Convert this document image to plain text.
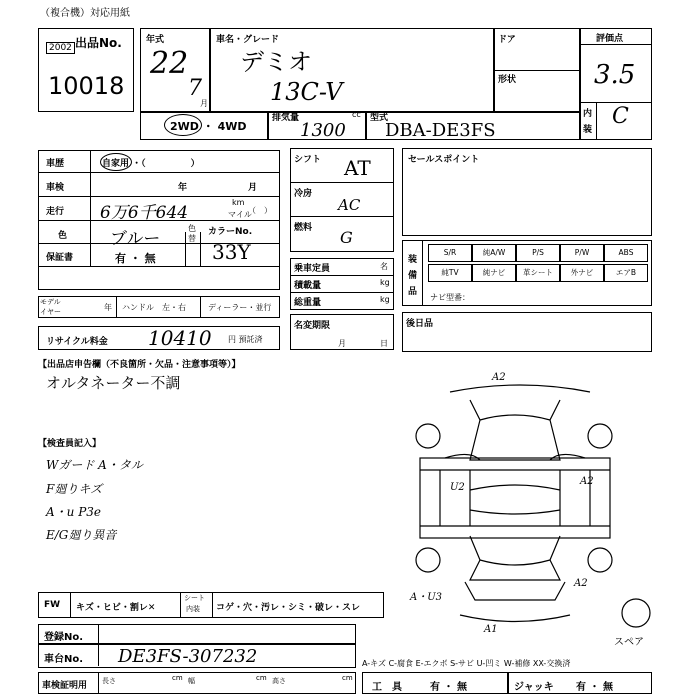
（複合機）対応用紙
出品No.
2002
10018
年式
22
7
月
車名・グレード
デミオ
13C-V
ドア
形状
評価点
3.5
内
装
C
2WD ・ 4WD
排気量	cc
1300
型式
DBA-DE3FS
車歴	自家用 ・（　　　　　）
車検	年	月
走行 6万6千644
km
マイル
（　）
色	ブルー
色
替
カラーNo.
33Y
保証書	有 ・ 無
モデル
イヤー	年 ハンドル　左・右	ディーラー・並行
リサイクル料金 10410 円 預託済
シフト AT
冷房
AC
燃料 G
乗車定員	名
積載量	kg
総重量	kg
名変期限
月	日
セールスポイント
装
備
品
S/R	純A/W	P/S	P/W	ABS
純TV	純ナビ	革シート	外ナビ	エアB
ナビ型番：
後日品
【出品店申告欄（不良箇所・欠品・注意事項等）】
オルタネーター不調
【検査員記入】
Wガード A・タル
F廻りキズ
A・u P3e
E/G廻り異音
A2
U2
A2
A2
A・U3
A1
スペア
FW キズ・ヒビ・割レ✕
シート
内装 コゲ・穴・汚レ・シミ・破レ・スレ
登録No.
車台No. DE3FS-307232	A-キズ C-腐食 E-エクボ S-サビ U-凹ミ W-補修 XX-交換済
車検証明用 長さ	cm 幅	cm 高さ	cm
工　具	有 ・ 無	ジャッキ 有 ・ 無
